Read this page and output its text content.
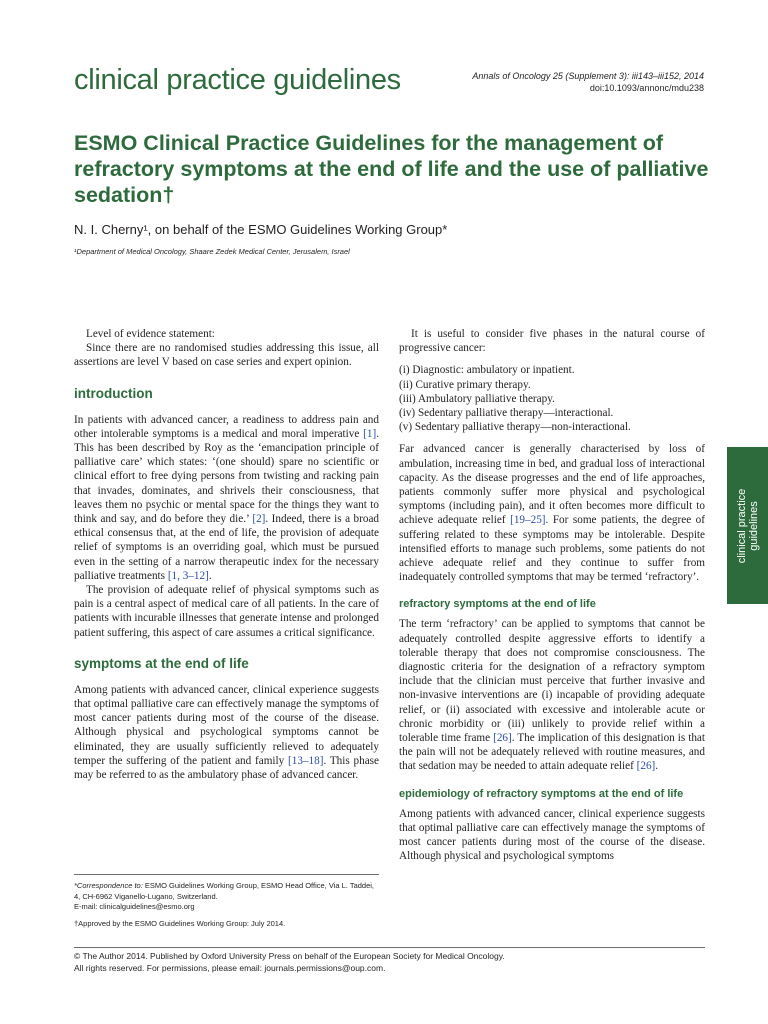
clinical practice guidelines	Annals of Oncology 25 (Supplement 3): iii143–iii152, 2014
doi:10.1093/annonc/mdu238
ESMO Clinical Practice Guidelines for the management of refractory symptoms at the end of life and the use of palliative sedation†
N. I. Cherny¹, on behalf of the ESMO Guidelines Working Group*
¹Department of Medical Oncology, Shaare Zedek Medical Center, Jerusalem, Israel

Level of evidence statement:

Since there are no randomised studies addressing this issue, all assertions are level V based on case series and expert opinion.

introduction

In patients with advanced cancer, a readiness to address pain and other intolerable symptoms is a medical and moral imperative [1]. This has been described by Roy as the ‘emancipation principle of palliative care’ which states: ‘(one should) spare no scientific or clinical effort to free dying persons from twisting and racking pain that invades, dominates, and shrivels their consciousness, that leaves them no psychic or mental space for the things they want to think and say, and do before they die.’ [2]. Indeed, there is a broad ethical consensus that, at the end of life, the provision of adequate relief of symptoms is an overriding goal, which must be pursued even in the setting of a narrow therapeutic index for the necessary palliative treatments [1, 3–12].

The provision of adequate relief of physical symptoms such as pain is a central aspect of medical care of all patients. In the care of patients with incurable illnesses that generate intense and prolonged patient suffering, this aspect of care assumes a critical significance.

symptoms at the end of life

Among patients with advanced cancer, clinical experience suggests that optimal palliative care can effectively manage the symptoms of most cancer patients during most of the course of the disease. Although physical and psychological symptoms cannot be eliminated, they are usually sufficiently relieved to adequately temper the suffering of the patient and family [13–18]. This phase may be referred to as the ambulatory phase of advanced cancer.

*Correspondence to: ESMO Guidelines Working Group, ESMO Head Office, Via L. Taddei, 4, CH-6962 Viganello-Lugano, Switzerland.

E-mail: clinicalguidelines@esmo.org

†Approved by the ESMO Guidelines Working Group: July 2014.

It is useful to consider five phases in the natural course of progressive cancer:

(i) Diagnostic: ambulatory or inpatient.
(ii) Curative primary therapy.
(iii) Ambulatory palliative therapy.
(iv) Sedentary palliative therapy—interactional.
(v) Sedentary palliative therapy—non-interactional.

Far advanced cancer is generally characterised by loss of ambulation, increasing time in bed, and gradual loss of interactional capacity. As the disease progresses and the end of life approaches, patients commonly suffer more physical and psychological symptoms (including pain), and it often becomes more difficult to achieve adequate relief [19–25]. For some patients, the degree of suffering related to these symptoms may be intolerable. Despite intensified efforts to manage such problems, some patients do not achieve adequate relief and they continue to suffer from inadequately controlled symptoms that may be termed ‘refractory’.

refractory symptoms at the end of life

The term ‘refractory’ can be applied to symptoms that cannot be adequately controlled despite aggressive efforts to identify a tolerable therapy that does not compromise consciousness. The diagnostic criteria for the designation of a refractory symptom include that the clinician must perceive that further invasive and non-invasive interventions are (i) incapable of providing adequate relief, or (ii) associated with excessive and intolerable acute or chronic morbidity or (iii) unlikely to provide relief within a tolerable time frame [26]. The implication of this designation is that the pain will not be adequately relieved with routine measures, and that sedation may be needed to attain adequate relief [26].

epidemiology of refractory symptoms at the end of life

Among patients with advanced cancer, clinical experience suggests that optimal palliative care can effectively manage the symptoms of most cancer patients during most of the course of the disease. Although physical and psychological symptoms

© The Author 2014. Published by Oxford University Press on behalf of the European Society for Medical Oncology.
All rights reserved. For permissions, please email: journals.permissions@oup.com.
clinical practice guidelines
